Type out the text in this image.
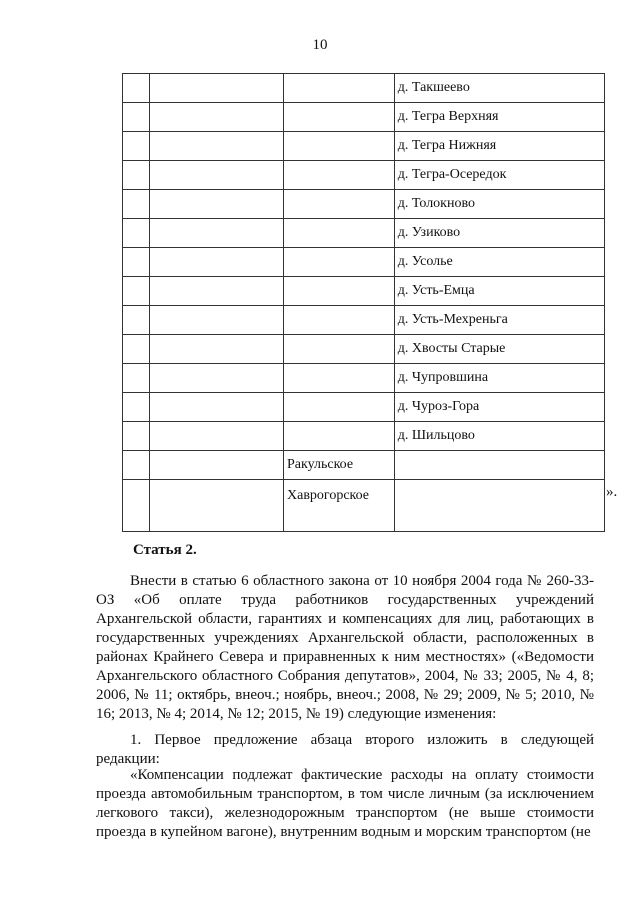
10
			д. Такшеево
			д. Тегра Верхняя
			д. Тегра Нижняя
			д. Тегра-Осередок
			д. Толокново
			д. Узиково
			д. Усолье
			д. Усть-Емца
			д. Усть-Мехреньга
			д. Хвосты Старые
			д. Чупровшина
			д. Чуроз-Гора
			д. Шильцово
		Ракульское	
		Хаврогорское		».
Статья 2.

Внести в статью 6 областного закона от 10 ноября 2004 года № 260-33-ОЗ «Об оплате труда работников государственных учреждений Архангельской области, гарантиях и компенсациях для лиц, работающих в государственных учреждениях Архангельской области, расположенных в районах Крайнего Севера и приравненных к ним местностях» («Ведомости Архангельского областного Собрания депутатов», 2004, № 33; 2005, № 4, 8; 2006, № 11; октябрь, внеоч.; ноябрь, внеоч.; 2008, № 29; 2009, № 5; 2010, № 16; 2013, № 4; 2014, № 12; 2015, № 19) следующие изменения:

1. Первое предложение абзаца второго изложить в следующей редакции:

«Компенсации подлежат фактические расходы на оплату стоимости проезда автомобильным транспортом, в том числе личным (за исключением легкового такси), железнодорожным транспортом (не выше стоимости проезда в купейном вагоне), внутренним водным и морским транспортом (не
